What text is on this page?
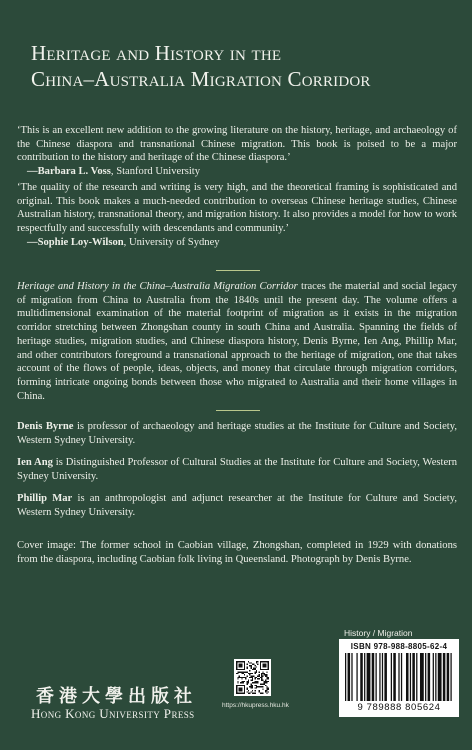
Heritage and History in the
China–Australia Migration Corridor
‘This is an excellent new addition to the growing literature on the history, heritage, and archaeology of the Chinese diaspora and transnational Chinese migration. This book is poised to be a major contribution to the history and heritage of the Chinese diaspora.’
—Barbara L. Voss, Stanford University
‘The quality of the research and writing is very high, and the theoretical framing is sophisticated and original. This book makes a much-needed contribution to overseas Chinese heritage studies, Chinese Australian history, transnational theory, and migration history. It also provides a model for how to work respectfully and successfully with descendants and community.’
—Sophie Loy-Wilson, University of Sydney
Heritage and History in the China–Australia Migration Corridor traces the material and social legacy of migration from China to Australia from the 1840s until the present day. The volume offers a multidimensional examination of the material footprint of migration as it exists in the migration corridor stretching between Zhongshan county in south China and Australia. Spanning the fields of heritage studies, migration studies, and Chinese diaspora history, Denis Byrne, Ien Ang, Phillip Mar, and other contributors foreground a transnational approach to the heritage of migration, one that takes account of the flows of people, ideas, objects, and money that circulate through migration corridors, forming intricate ongoing bonds between those who migrated to Australia and their home villages in China.
Denis Byrne is professor of archaeology and heritage studies at the Institute for Culture and Society, Western Sydney University.
Ien Ang is Distinguished Professor of Cultural Studies at the Institute for Culture and Society, Western Sydney University.
Phillip Mar is an anthropologist and adjunct researcher at the Institute for Culture and Society, Western Sydney University.
Cover image: The former school in Caobian village, Zhongshan, completed in 1929 with donations from the diaspora, including Caobian folk living in Queensland. Photograph by Denis Byrne.
History / Migration
ISBN 978-988-8805-62-4
9 789888 805624
https://hkupress.hku.hk
香港大學出版社
Hong Kong University Press
